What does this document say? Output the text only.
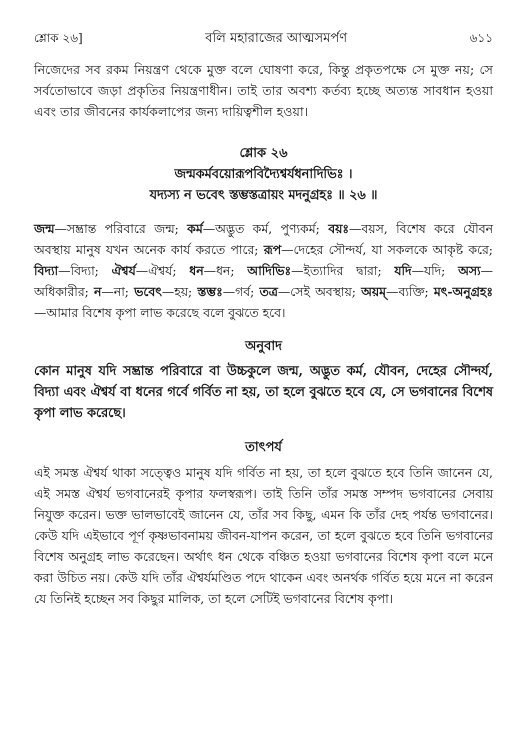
শ্লোক ২৬]	বলি মহারাজের আত্মসমর্পণ	৬১১

নিজেদের সব রকম নিয়ন্ত্রণ থেকে মুক্ত বলে ঘোষণা করে, কিন্তু প্রকৃতপক্ষে সে মুক্ত নয়; সে সর্বতোভাবে জড়া প্রকৃতির নিয়ন্ত্রণাধীন। তাই তার অবশ্য কর্তব্য হচ্ছে অত্যন্ত সাবধান হওয়া এবং তার জীবনের কার্যকলাপের জন্য দায়িত্বশীল হওয়া।

শ্লোক ২৬
জন্মকর্মবয়োরূপবিদ্যৈশ্বর্যধনাদিভিঃ ।
যদ্যস্য ন ভবেৎ স্তম্ভস্তত্রায়ং মদনুগ্রহঃ ॥ ২৬ ॥

জন্ম—সম্ভ্রান্ত পরিবারে জন্ম; কর্ম—অদ্ভুত কর্ম, পুণ্যকর্ম; বয়ঃ—বয়স, বিশেষ করে যৌবন অবস্থায় মানুষ যখন অনেক কার্য করতে পারে; রূপ—দেহের সৌন্দর্য, যা সকলকে আকৃষ্ট করে; বিদ্যা—বিদ্যা; ঐশ্বর্য—ঐশ্বর্য; ধন—ধন; আদিভিঃ—ইত্যাদির দ্বারা; যদি—যদি; অস্য—অধিকারীর; ন—না; ভবেৎ—হয়; স্তম্ভঃ—গর্ব; তত্র—সেই অবস্থায়; অয়ম্—ব্যক্তি; মৎ-অনুগ্রহঃ—আমার বিশেষ কৃপা লাভ করেছে বলে বুঝতে হবে।

অনুবাদ

কোন মানুষ যদি সম্ভ্রান্ত পরিবারে বা উচ্চকুলে জন্ম, অদ্ভুত কর্ম, যৌবন, দেহের সৌন্দর্য, বিদ্যা এবং ঐশ্বর্য বা ধনের গর্বে গর্বিত না হয়, তা হলে বুঝতে হবে যে, সে ভগবানের বিশেষ কৃপা লাভ করেছে।

তাৎপর্য

এই সমস্ত ঐশ্বর্য থাকা সত্ত্বেও মানুষ যদি গর্বিত না হয়, তা হলে বুঝতে হবে তিনি জানেন যে, এই সমস্ত ঐশ্বর্য ভগবানেরই কৃপার ফলস্বরূপ। তাই তিনি তাঁর সমস্ত সম্পদ ভগবানের সেবায় নিযুক্ত করেন। ভক্ত ভালভাবেই জানেন যে, তাঁর সব কিছু, এমন কি তাঁর দেহ পর্যন্ত ভগবানের। কেউ যদি এইভাবে পূর্ণ কৃষ্ণভাবনাময় জীবন-যাপন করেন, তা হলে বুঝতে হবে তিনি ভগবানের বিশেষ অনুগ্রহ লাভ করেছেন। অর্থাৎ ধন থেকে বঞ্চিত হওয়া ভগবানের বিশেষ কৃপা বলে মনে করা উচিত নয়। কেউ যদি তাঁর ঐশ্বর্যমণ্ডিত পদে থাকেন এবং অনর্থক গর্বিত হয়ে মনে না করেন যে তিনিই হচ্ছেন সব কিছুর মালিক, তা হলে সেটিই ভগবানের বিশেষ কৃপা।
